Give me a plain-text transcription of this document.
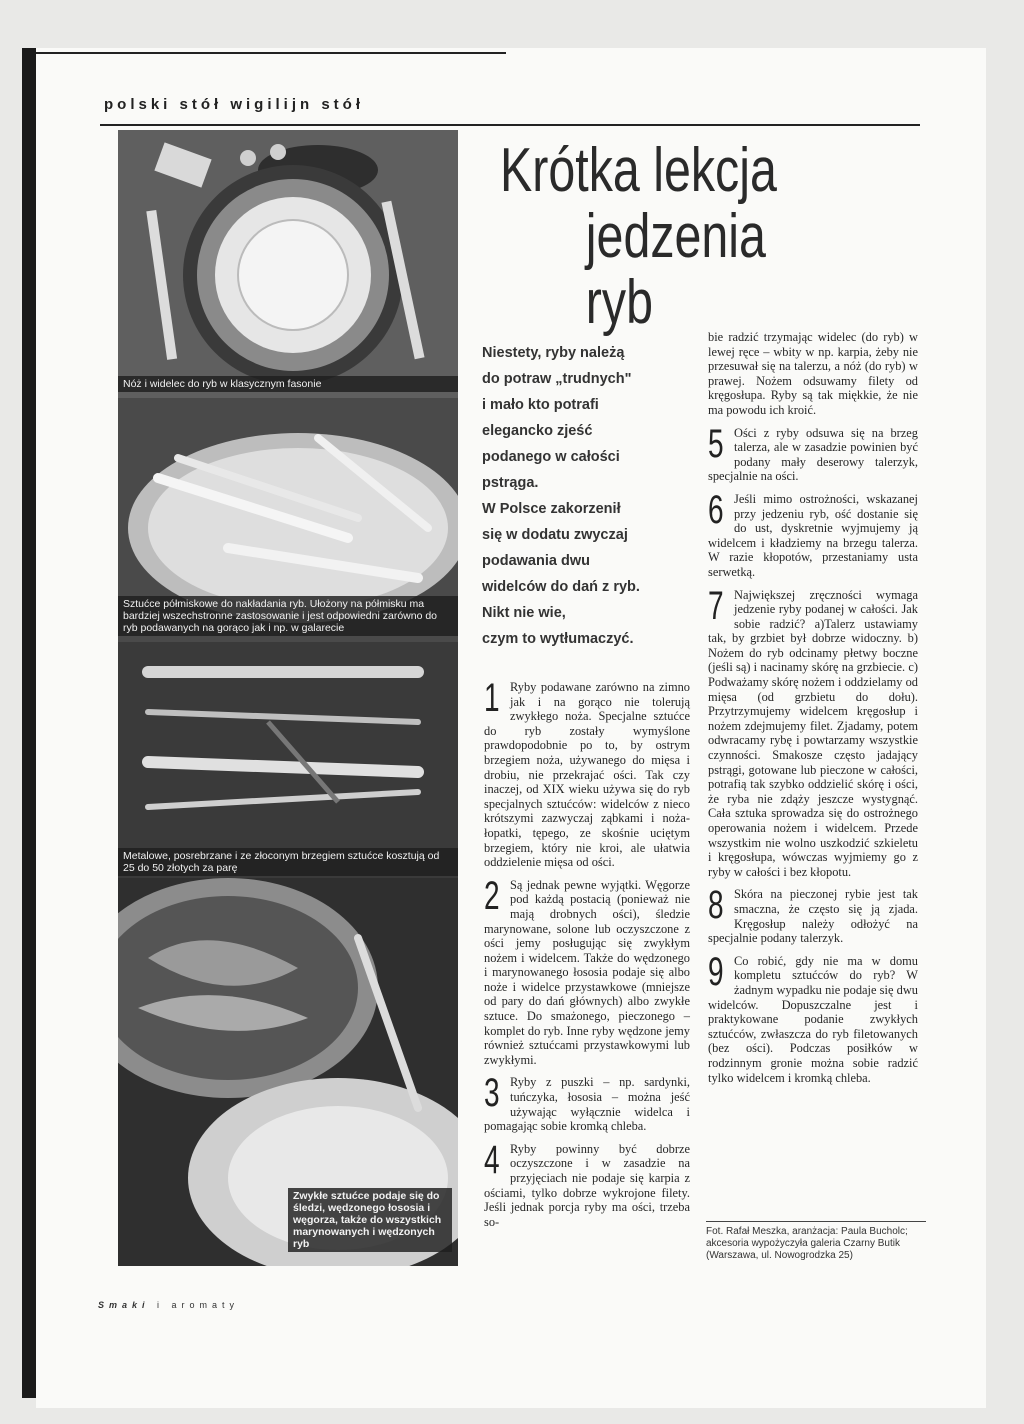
polski stół wigilijn stół
Krótka lekcja
jedzenia ryb
Nóż i widelec do ryb w klasycznym fasonie
Sztućce półmiskowe do nakładania ryb. Ułożony na półmisku ma bardziej wszechstronne zastosowanie i jest odpowiedni zarówno do ryb podawanych na gorąco jak i np. w galarecie
Metalowe, posrebrzane i ze złoconym brzegiem sztućce kosztują od 25 do 50 złotych za parę
Zwykłe sztućce podaje się do śledzi, wędzonego łososia i węgorza, także do wszystkich marynowanych i wędzonych ryb

Niestety, ryby należą

do potraw „trudnych"

i mało kto potrafi

elegancko zjeść

podanego w całości

pstrąga.

W Polsce zakorzenił

się w dodatu zwyczaj

podawania dwu

widelców do dań z ryb.

Nikt nie wie,

czym to wytłumaczyć.

1 Ryby podawane zarówno na zimno jak i na gorąco nie tolerują zwykłego noża. Specjalne sztućce do ryb zostały wymyślone prawdopodobnie po to, by ostrym brzegiem noża, używanego do mięsa i drobiu, nie przekrajać ości. Tak czy inaczej, od XIX wieku używa się do ryb specjalnych sztućców: widelców z nieco krótszymi zazwyczaj ząbkami i noża-łopatki, tępego, ze skośnie uciętym brzegiem, który nie kroi, ale ułatwia oddzielenie mięsa od ości.

2 Są jednak pewne wyjątki. Węgorze pod każdą postacią (ponieważ nie mają drobnych ości), śledzie marynowane, solone lub oczyszczone z ości jemy posługując się zwykłym nożem i widelcem. Także do wędzonego i marynowanego łososia podaje się albo noże i widelce przystawkowe (mniejsze od pary do dań głównych) albo zwykłe sztuce. Do smażonego, pieczonego – komplet do ryb. Inne ryby wędzone jemy również sztućcami przystawkowymi lub zwykłymi.

3 Ryby z puszki – np. sardynki, tuńczyka, łososia – można jeść używając wyłącznie widelca i pomagając sobie kromką chleba.

4 Ryby powinny być dobrze oczyszczone i w zasadzie na przyjęciach nie podaje się karpia z ościami, tylko dobrze wykrojone filety. Jeśli jednak porcja ryby ma ości, trzeba so-

bie radzić trzymając widelec (do ryb) w lewej ręce – wbity w np. karpia, żeby nie przesuwał się na talerzu, a nóż (do ryb) w prawej. Nożem odsuwamy filety od kręgosłupa. Ryby są tak miękkie, że nie ma powodu ich kroić.

5 Ości z ryby odsuwa się na brzeg talerza, ale w zasadzie powinien być podany mały deserowy talerzyk, specjalnie na ości.

6 Jeśli mimo ostrożności, wskazanej przy jedzeniu ryb, ość dostanie się do ust, dyskretnie wyjmujemy ją widelcem i kładziemy na brzegu talerza. W razie kłopotów, przestaniamy usta serwetką.

7 Największej zręczności wymaga jedzenie ryby podanej w całości. Jak sobie radzić? a)Talerz ustawiamy tak, by grzbiet był dobrze widoczny. b) Nożem do ryb odcinamy płetwy boczne (jeśli są) i nacinamy skórę na grzbiecie. c) Podważamy skórę nożem i oddzielamy od mięsa (od grzbietu do dołu). Przytrzymujemy widelcem kręgosłup i nożem zdejmujemy filet. Zjadamy, potem odwracamy rybę i powtarzamy wszystkie czynności. Smakosze często jadający pstrągi, gotowane lub pieczone w całości, potrafią tak szybko oddzielić skórę i ości, że ryba nie zdąży jeszcze wystygnąć. Cała sztuka sprowadza się do ostrożnego operowania nożem i widelcem. Przede wszystkim nie wolno uszkodzić szkieletu i kręgosłupa, wówczas wyjmiemy go z ryby w całości i bez kłopotu.

8 Skóra na pieczonej rybie jest tak smaczna, że często się ją zjada. Kręgosłup należy odłożyć na specjalnie podany talerzyk.

9 Co robić, gdy nie ma w domu kompletu sztućców do ryb? W żadnym wypadku nie podaje się dwu widelców. Dopuszczalne jest i praktykowane podanie zwykłych sztućców, zwłaszcza do ryb filetowanych (bez ości). Podczas posiłków w rodzinnym gronie można sobie radzić tylko widelcem i kromką chleba.

Fot. Rafał Meszka, aranżacja: Paula Bucholc; akcesoria wypożyczyła galeria Czarny Butik (Warszawa, ul. Nowogrodzka 25)
Smaki i aromaty
